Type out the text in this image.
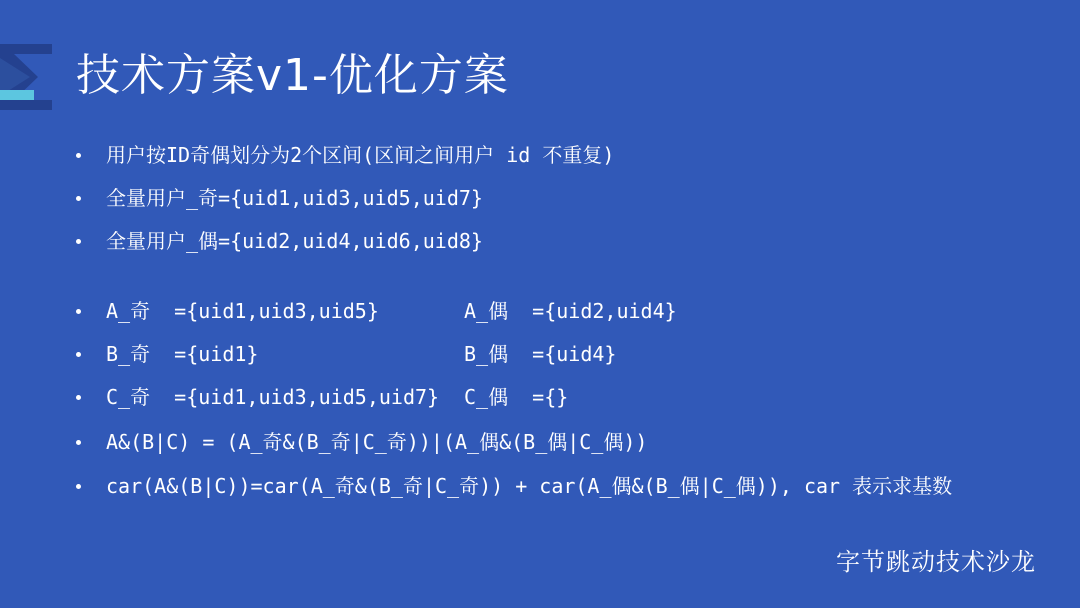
技术方案v1-优化方案
用户按ID奇偶划分为2个区间(区间之间用户 id 不重复)
全量用户_奇={uid1,uid3,uid5,uid7}
全量用户_偶={uid2,uid4,uid6,uid8}
A_奇  ={uid1,uid3,uid5}	A_偶  ={uid2,uid4}
B_奇  ={uid1}	B_偶  ={uid4}
C_奇  ={uid1,uid3,uid5,uid7} C_偶  ={}
A&(B|C) = (A_奇&(B_奇|C_奇))|(A_偶&(B_偶|C_偶))
car(A&(B|C))=car(A_奇&(B_奇|C_奇)) + car(A_偶&(B_偶|C_偶)), car 表示求基数
字节跳动技术沙龙
